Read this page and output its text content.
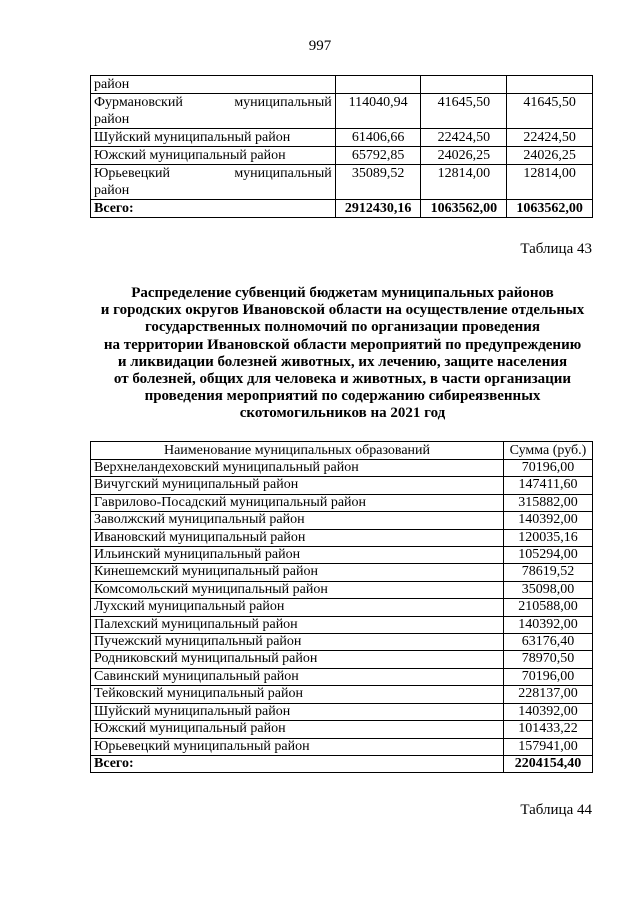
997
район			

Фурмановский муниципальный
район	114040,94	41645,50	41645,50

Шуйский муниципальный район	61406,66	22424,50	22424,50

Южский муниципальный район	65792,85	24026,25	24026,25

Юрьевецкий муниципальный
район	35089,52	12814,00	12814,00
Всего:	2912430,16	1063562,00	1063562,00
Таблица 43
Распределение субвенций бюджетам муниципальных районов
и городских округов Ивановской области на осуществление отдельных
государственных полномочий по организации проведения
на территории Ивановской области мероприятий по предупреждению
и ликвидации болезней животных, их лечению, защите населения
от болезней, общих для человека и животных, в части организации
проведения мероприятий по содержанию сибиреязвенных
скотомогильников на 2021 год
Наименование муниципальных образований	Сумма (руб.)
Верхнеландеховский муниципальный район	70196,00
Вичугский муниципальный район	147411,60
Гаврилово-Посадский муниципальный район	315882,00
Заволжский муниципальный район	140392,00
Ивановский муниципальный район	120035,16
Ильинский муниципальный район	105294,00
Кинешемский муниципальный район	78619,52
Комсомольский муниципальный район	35098,00
Лухский муниципальный район	210588,00
Палехский муниципальный район	140392,00
Пучежский муниципальный район	63176,40
Родниковский муниципальный район	78970,50
Савинский муниципальный район	70196,00
Тейковский муниципальный район	228137,00
Шуйский муниципальный район	140392,00
Южский муниципальный район	101433,22
Юрьевецкий муниципальный район	157941,00
Всего:	2204154,40
Таблица 44
